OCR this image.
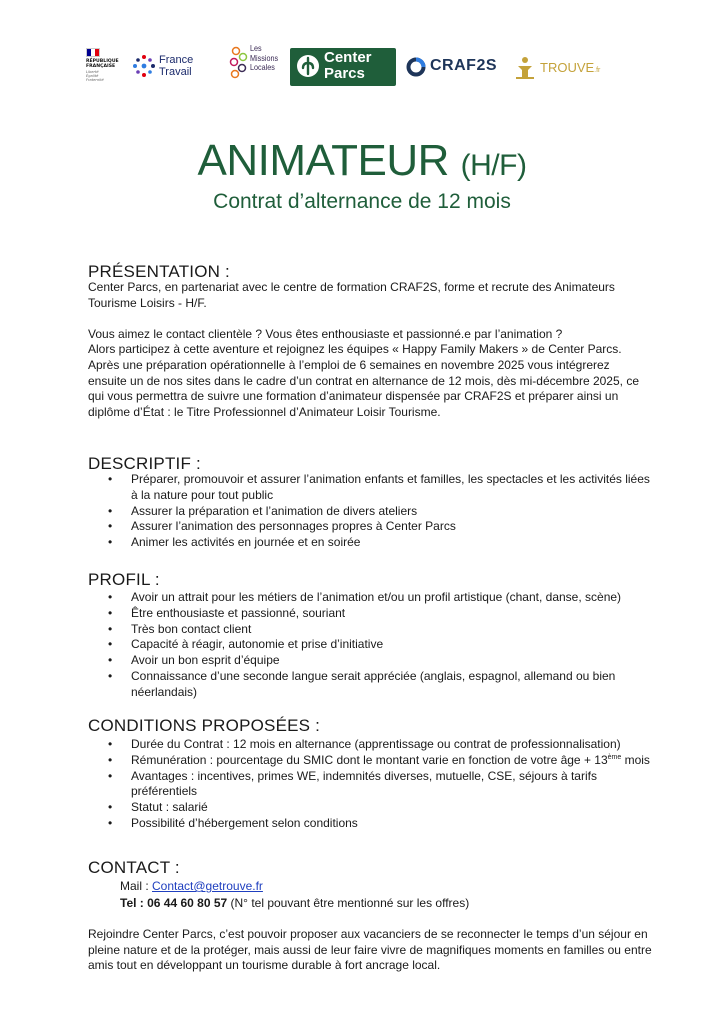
RÉPUBLIQUE
FRANÇAISE
Liberté
Égalité
Fraternité
France
Travail
Les
Missions
Locales
Center
Parcs	CRAF2S	TROUVE.fr
ANIMATEUR (H/F)
Contrat d’alternance de 12 mois
PRÉSENTATION :

Center Parcs, en partenariat avec le centre de formation CRAF2S, forme et recrute des Animateurs Tourisme Loisirs - H/F.

Vous aimez le contact clientèle ? Vous êtes enthousiaste et passionné.e par l’animation ?
Alors participez à cette aventure et rejoignez les équipes « Happy Family Makers » de Center Parcs.
Après une préparation opérationnelle à l’emploi de 6 semaines en novembre 2025 vous intégrerez
ensuite un de nos sites dans le cadre d’un contrat en alternance de 12 mois, dès mi-décembre 2025, ce
qui vous permettra de suivre une formation d’animateur dispensée par CRAF2S et préparer ainsi un
diplôme d’État : le Titre Professionnel d’Animateur Loisir Tourisme.
DESCRIPTIF :
• Préparer, promouvoir et assurer l’animation enfants et familles, les spectacles et les activités liées à la nature pour tout public
• Assurer la préparation et l’animation de divers ateliers
• Assurer l’animation des personnages propres à Center Parcs
• Animer les activités en journée et en soirée
PROFIL :
• Avoir un attrait pour les métiers de l’animation et/ou un profil artistique (chant, danse, scène)
• Être enthousiaste et passionné, souriant
• Très bon contact client
• Capacité à réagir, autonomie et prise d’initiative
• Avoir un bon esprit d’équipe
• Connaissance d’une seconde langue serait appréciée (anglais, espagnol, allemand ou bien néerlandais)
CONDITIONS PROPOSÉES :
• Durée du Contrat : 12 mois en alternance (apprentissage ou contrat de professionnalisation)
• Rémunération : pourcentage du SMIC dont le montant varie en fonction de votre âge + 13ème mois
• Avantages : incentives, primes WE, indemnités diverses, mutuelle, CSE, séjours à tarifs préférentiels
• Statut : salarié
• Possibilité d’hébergement selon conditions
CONTACT :
Mail : Contact@getrouve.fr
Tel : 06 44 60 80 57 (N° tel pouvant être mentionné sur les offres)
Rejoindre Center Parcs, c’est pouvoir proposer aux vacanciers de se reconnecter le temps d’un séjour en pleine nature et de la protéger, mais aussi de leur faire vivre de magnifiques moments en familles ou entre amis tout en développant un tourisme durable à fort ancrage local.
